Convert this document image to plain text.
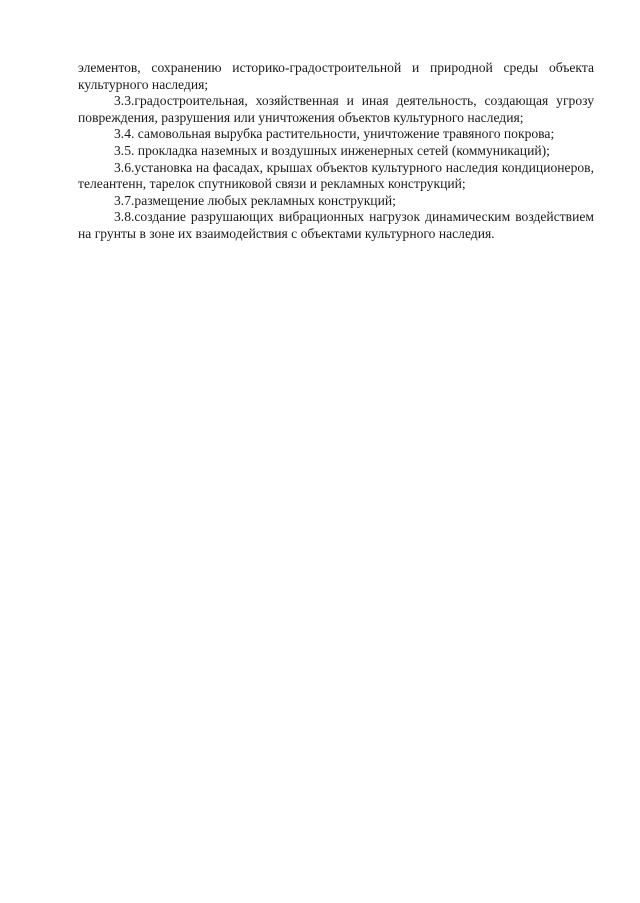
элементов, сохранению историко-градостроительной и природной среды объекта культурного наследия;

3.3.градостроительная, хозяйственная и иная деятельность, создающая угрозу повреждения, разрушения или уничтожения объектов культурного наследия;

3.4. самовольная вырубка растительности, уничтожение травяного покрова;

3.5. прокладка наземных и воздушных инженерных сетей (коммуникаций);

3.6.установка на фасадах, крышах объектов культурного наследия кондиционеров, телеантенн, тарелок спутниковой связи и рекламных конструкций;

3.7.размещение любых рекламных конструкций;

3.8.создание разрушающих вибрационных нагрузок динамическим воздействием на грунты в зоне их взаимодействия с объектами культурного наследия.
